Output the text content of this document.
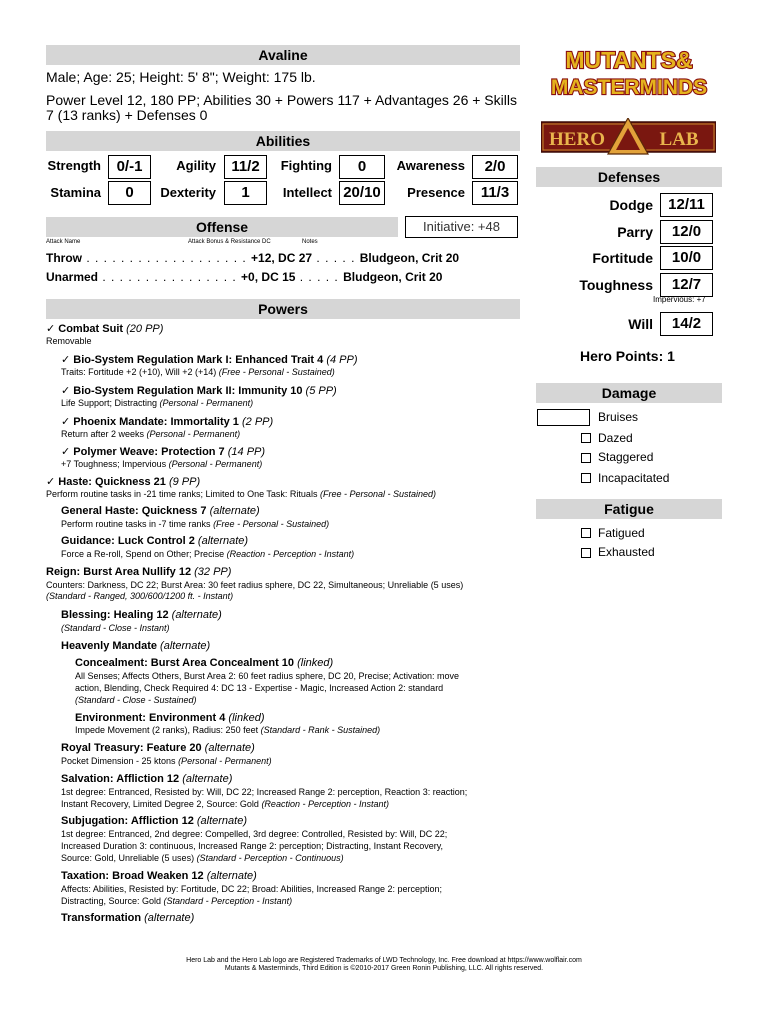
Avaline
Male; Age: 25; Height: 5' 8"; Weight: 175 lb.
Power Level 12, 180 PP; Abilities 30 + Powers 117 + Advantages 26 + Skills
7 (13 ranks) + Defenses 0
Abilities
Strength	0/-1	Agility	11/2	Fighting	0	Awareness	2/0
Stamina	0	Dexterity	1	Intellect 20/10	Presence	11/3
Offense	Initiative: +48
Attack Name	Attack Bonus & Resistance DC	Notes
Throw . . . . . . . . . . . . . . . . . . . +12, DC 27 . . . . . Bludgeon, Crit 20
Unarmed . . . . . . . . . . . . . . . . +0, DC 15 . . . . . Bludgeon, Crit 20
Powers
✓ Combat Suit (20 PP)
Removable
✓ Bio-System Regulation Mark I: Enhanced Trait 4 (4 PP)
Traits: Fortitude +2 (+10), Will +2 (+14) (Free - Personal - Sustained)
✓ Bio-System Regulation Mark II: Immunity 10 (5 PP)
Life Support; Distracting (Personal - Permanent)
✓ Phoenix Mandate: Immortality 1 (2 PP)
Return after 2 weeks (Personal - Permanent)
✓ Polymer Weave: Protection 7 (14 PP)
+7 Toughness; Impervious (Personal - Permanent)
✓ Haste: Quickness 21 (9 PP)
Perform routine tasks in -21 time ranks; Limited to One Task: Rituals (Free - Personal - Sustained)
General Haste: Quickness 7 (alternate)
Perform routine tasks in -7 time ranks (Free - Personal - Sustained)
Guidance: Luck Control 2 (alternate)
Force a Re-roll, Spend on Other; Precise (Reaction - Perception - Instant)
Reign: Burst Area Nullify 12 (32 PP)
Counters: Darkness, DC 22; Burst Area: 30 feet radius sphere, DC 22, Simultaneous; Unreliable (5 uses)
(Standard - Ranged, 300/600/1200 ft. - Instant)
Blessing: Healing 12 (alternate)
(Standard - Close - Instant)
Heavenly Mandate (alternate)
Concealment: Burst Area Concealment 10 (linked)
All Senses; Affects Others, Burst Area 2: 60 feet radius sphere, DC 20, Precise; Activation: move
action, Blending, Check Required 4: DC 13 - Expertise - Magic, Increased Action 2: standard
(Standard - Close - Sustained)
Environment: Environment 4 (linked)
Impede Movement (2 ranks), Radius: 250 feet (Standard - Rank - Sustained)
Royal Treasury: Feature 20 (alternate)
Pocket Dimension - 25 ktons (Personal - Permanent)
Salvation: Affliction 12 (alternate)
1st degree: Entranced, Resisted by: Will, DC 22; Increased Range 2: perception, Reaction 3: reaction;
Instant Recovery, Limited Degree 2, Source: Gold (Reaction - Perception - Instant)
Subjugation: Affliction 12 (alternate)
1st degree: Entranced, 2nd degree: Compelled, 3rd degree: Controlled, Resisted by: Will, DC 22;
Increased Duration 3: continuous, Increased Range 2: perception; Distracting, Instant Recovery,
Source: Gold, Unreliable (5 uses) (Standard - Perception - Continuous)
Taxation: Broad Weaken 12 (alternate)
Affects: Abilities, Resisted by: Fortitude, DC 22; Broad: Abilities, Increased Range 2: perception;
Distracting, Source: Gold (Standard - Perception - Instant)
Transformation (alternate)
MUTANTS&
MASTERMINDS
HERO	LAB
Defenses
Dodge	12/11
Parry	12/0
Fortitude	10/0
Toughness	12/7
Impervious: +7
Will	14/2
Hero Points: 1
Damage
Bruises
Dazed
Staggered
Incapacitated
Fatigue
Fatigued
Exhausted
Hero Lab and the Hero Lab logo are Registered Trademarks of LWD Technology, Inc. Free download at https://www.wolflair.com
Mutants & Masterminds, Third Edition is ©2010-2017 Green Ronin Publishing, LLC. All rights reserved.
